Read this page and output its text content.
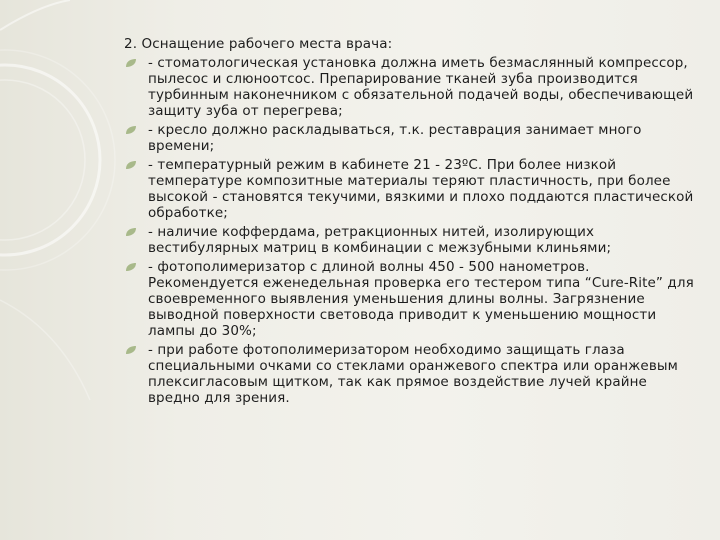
2. Оснащение рабочего места врача:
- стоматологическая установка должна иметь безмаслянный компрессор, пылесос и слюноотсос. Препарирование тканей зуба производится турбинным наконечником с обязательной подачей воды, обеспечивающей защиту зуба от перегрева;
- кресло должно раскладываться, т.к. реставрация занимает много времени;
- температурный режим в кабинете 21 - 23ºС. При более низкой температуре композитные материалы теряют пластичность, при более высокой - становятся текучими, вязкими и плохо поддаются пластической обработке;
- наличие коффердама, ретракционных нитей, изолирующих вестибулярных матриц в комбинации с межзубными клиньями;
- фотополимеризатор с длиной волны 450 - 500 нанометров. Рекомендуется еженедельная проверка его тестером типа “Cure-Rite” для своевременного выявления уменьшения длины волны. Загрязнение выводной поверхности световода приводит к уменьшению мощности лампы до 30%;
- при работе фотополимеризатором необходимо защищать глаза специальными очками со стеклами оранжевого спектра или оранжевым плексигласовым щитком, так как прямое воздействие лучей крайне вредно для зрения.
